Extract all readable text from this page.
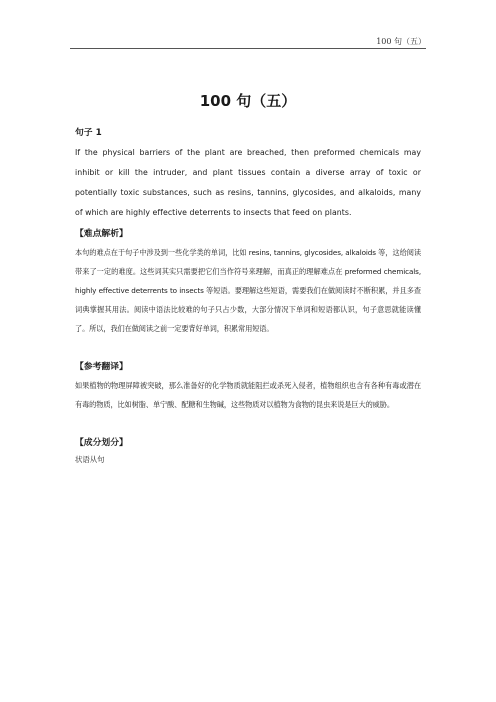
100 句（五）
100 句（五）
句子 1

If the physical barriers of the plant are breached, then preformed chemicals may inhibit or kill the intruder, and plant tissues contain a diverse array of toxic or potentially toxic substances, such as resins, tannins, glycosides, and alkaloids, many of which are highly effective deterrents to insects that feed on plants.

【难点解析】

本句的难点在于句子中涉及到一些化学类的单词，比如 resins, tannins, glycosides, alkaloids 等，这给阅读带来了一定的难度。这些词其实只需要把它们当作符号来理解，而真正的理解难点在 preformed chemicals, highly effective deterrents to insects 等短语。要理解这些短语，需要我们在做阅读时不断积累，并且多查词典掌握其用法。阅读中语法比较难的句子只占少数，大部分情况下单词和短语都认识，句子意思就能读懂了。所以，我们在做阅读之前一定要背好单词，积累常用短语。

【参考翻译】

如果植物的物理屏障被突破，那么准备好的化学物质就能阻拦或杀死入侵者，植物组织也含有各种有毒或潜在有毒的物质，比如树脂、单宁酸、配糖和生物碱，这些物质对以植物为食物的昆虫来说是巨大的威胁。

【成分划分】

状语从句
